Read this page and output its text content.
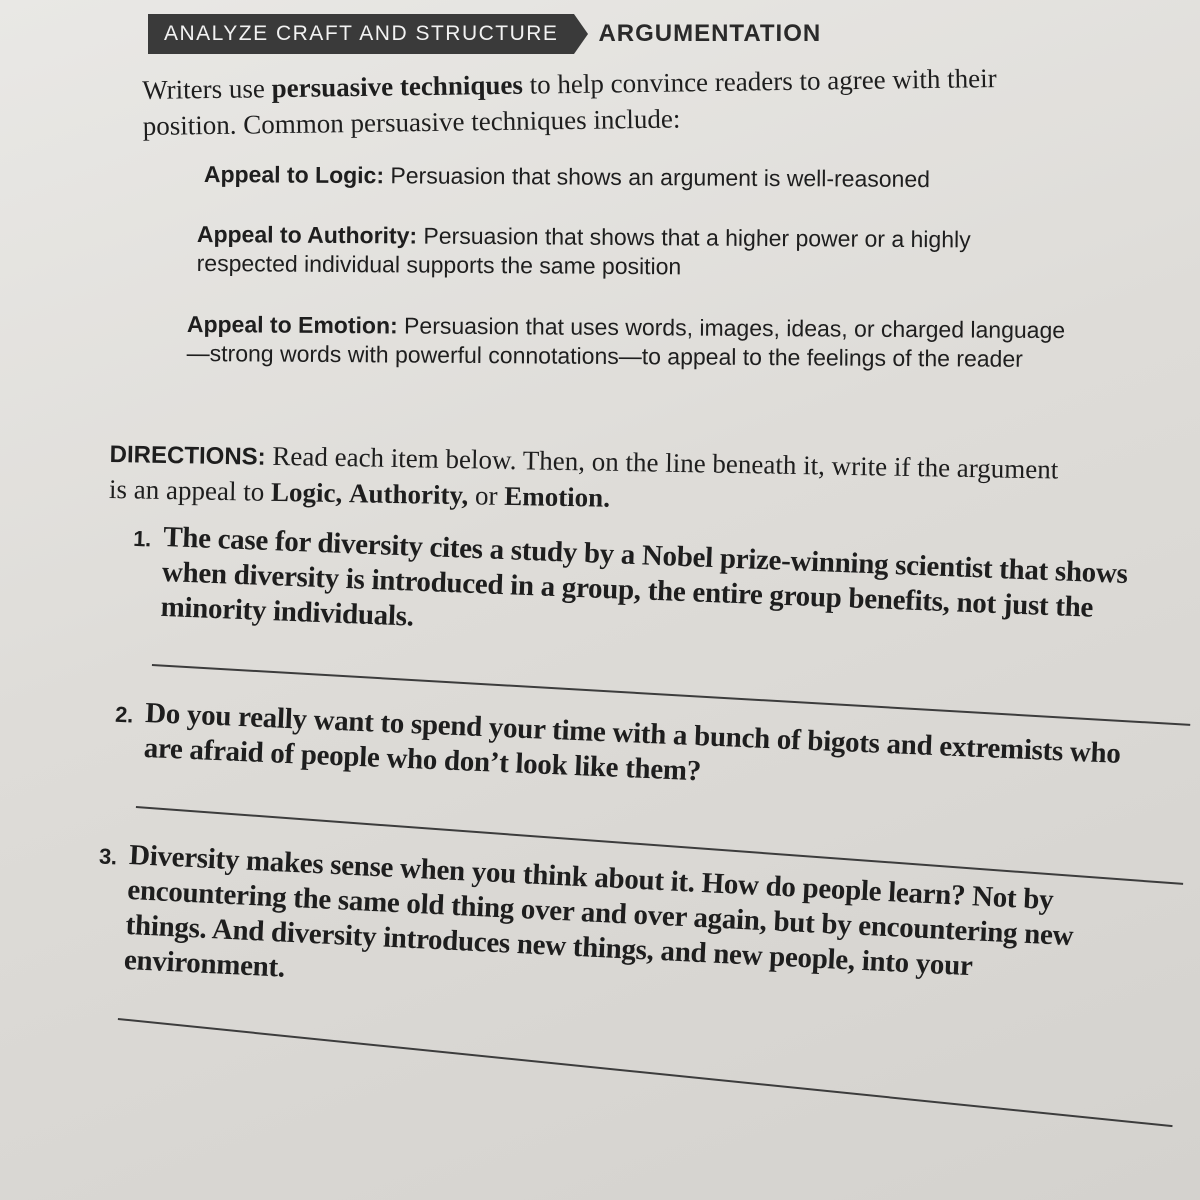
ANALYZE CRAFT AND STRUCTURE	ARGUMENTATION
Writers use persuasive techniques to help convince readers to agree with their position. Common persuasive techniques include:
Appeal to Logic: Persuasion that shows an argument is well-reasoned
Appeal to Authority: Persuasion that shows that a higher power or a highly respected individual supports the same position
Appeal to Emotion: Persuasion that uses words, images, ideas, or charged language—strong words with powerful connotations—to appeal to the feelings of the reader
DIRECTIONS: Read each item below. Then, on the line beneath it, write if the argument is an appeal to Logic, Authority, or Emotion.
1. The case for diversity cites a study by a Nobel prize-winning scientist that shows when diversity is introduced in a group, the entire group benefits, not just the minority individuals.
2. Do you really want to spend your time with a bunch of bigots and extremists who are afraid of people who don’t look like them?
3. Diversity makes sense when you think about it. How do people learn? Not by encountering the same old thing over and over again, but by encountering new things. And diversity introduces new things, and new people, into your environment.
